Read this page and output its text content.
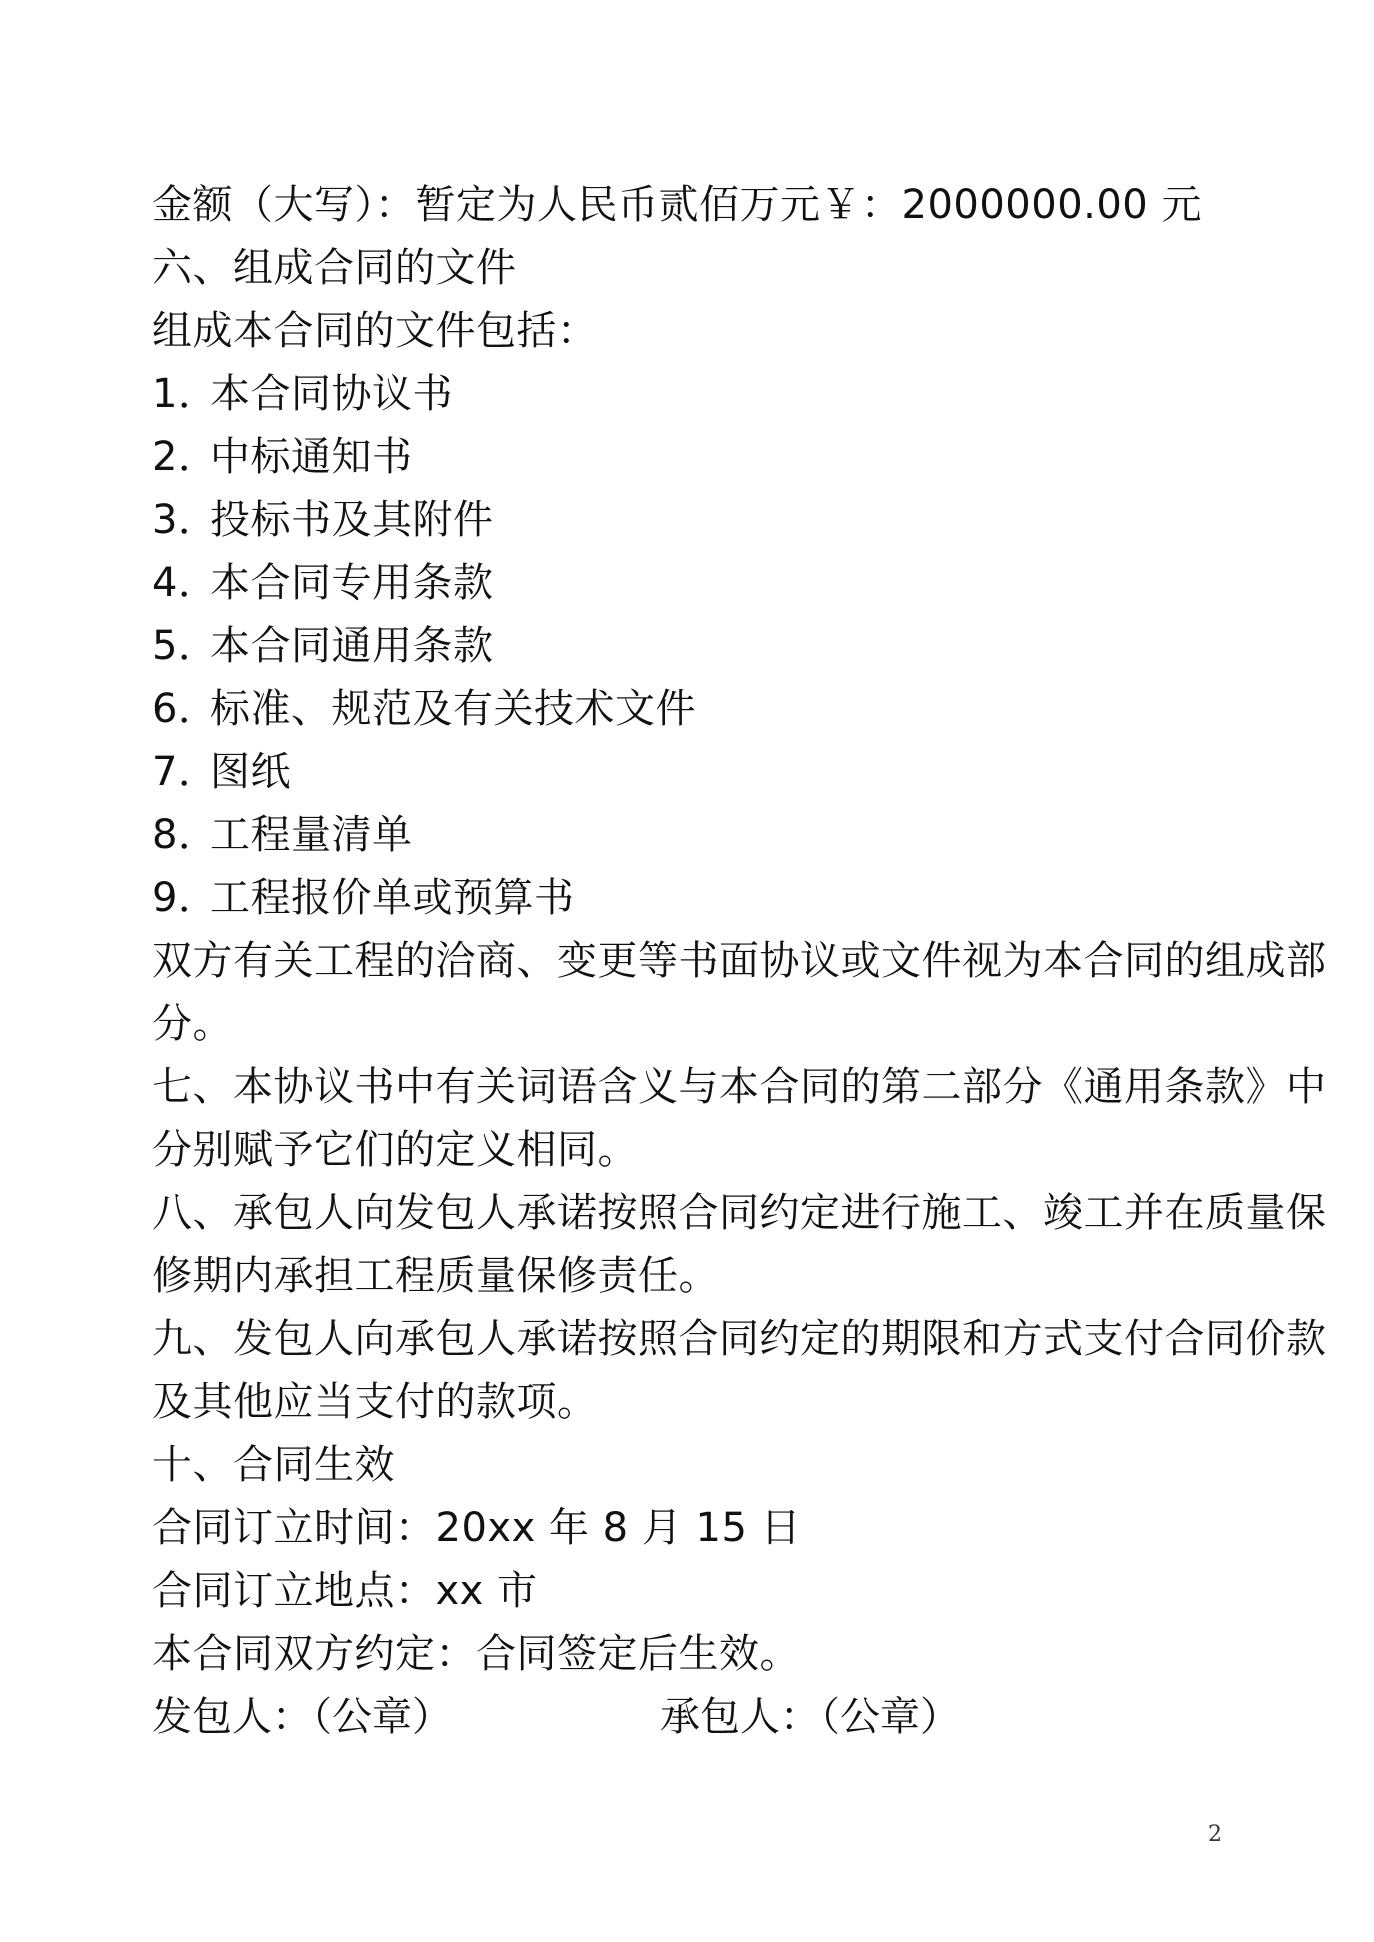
金额（大写）：暂定为人民币贰佰万元￥：2000000.00 元
六、组成合同的文件
组成本合同的文件包括：
1．本合同协议书
2．中标通知书
3．投标书及其附件
4．本合同专用条款
5．本合同通用条款
6．标准、规范及有关技术文件
7．图纸
8．工程量清单
9．工程报价单或预算书
双方有关工程的洽商、变更等书面协议或文件视为本合同的组成部
分。
七、本协议书中有关词语含义与本合同的第二部分《通用条款》中
分别赋予它们的定义相同。
八、承包人向发包人承诺按照合同约定进行施工、竣工并在质量保
修期内承担工程质量保修责任。
九、发包人向承包人承诺按照合同约定的期限和方式支付合同价款
及其他应当支付的款项。
十、合同生效
合同订立时间：20xx 年 8 月 15 日
合同订立地点：xx 市
本合同双方约定：合同签定后生效。
发包人：（公章）	承包人：（公章）
2
